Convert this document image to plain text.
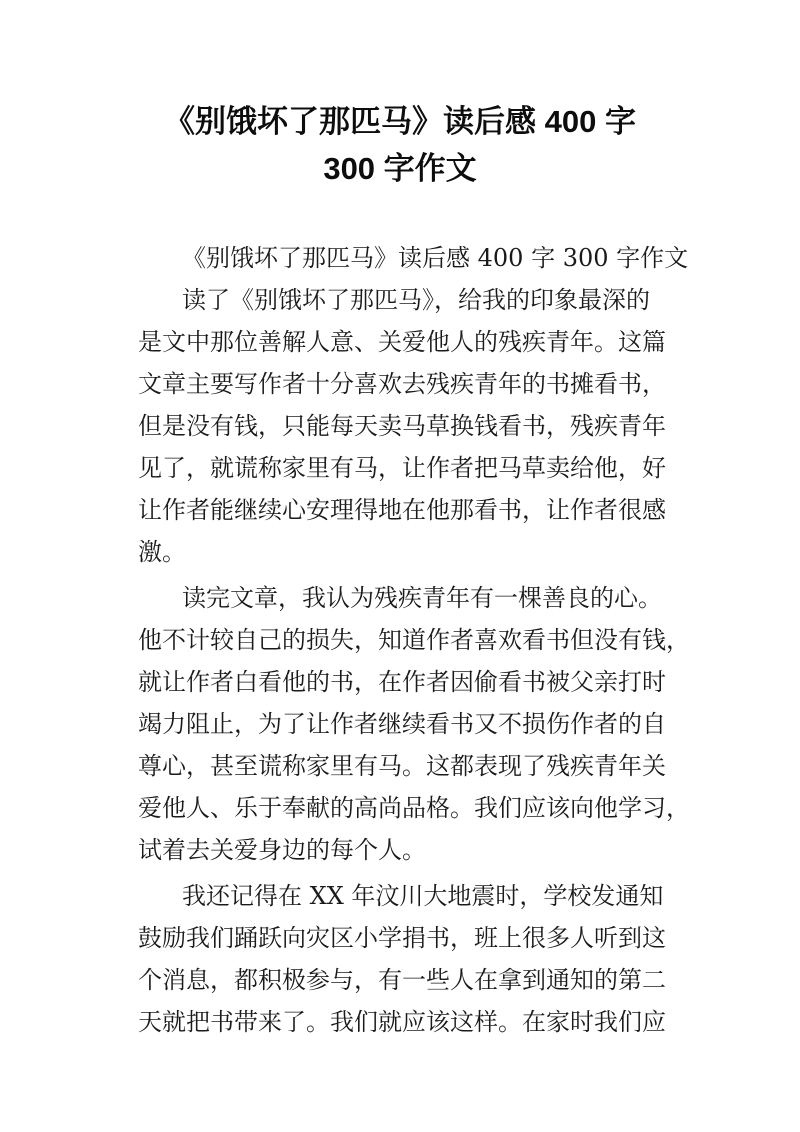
《别饿坏了那匹马》读后感 400 字
300 字作文
《别饿坏了那匹马》读后感 400 字 300 字作文
读了《别饿坏了那匹马》，给我的印象最深的
是文中那位善解人意、关爱他人的残疾青年。这篇
文章主要写作者十分喜欢去残疾青年的书摊看书，
但是没有钱，只能每天卖马草换钱看书，残疾青年
见了，就谎称家里有马，让作者把马草卖给他，好
让作者能继续心安理得地在他那看书，让作者很感
激。
读完文章，我认为残疾青年有一棵善良的心。
他不计较自己的损失，知道作者喜欢看书但没有钱，
就让作者白看他的书，在作者因偷看书被父亲打时
竭力阻止，为了让作者继续看书又不损伤作者的自
尊心，甚至谎称家里有马。这都表现了残疾青年关
爱他人、乐于奉献的高尚品格。我们应该向他学习，
试着去关爱身边的每个人。
我还记得在 XX 年汶川大地震时，学校发通知
鼓励我们踊跃向灾区小学捐书，班上很多人听到这
个消息，都积极参与，有一些人在拿到通知的第二
天就把书带来了。我们就应该这样。在家时我们应
